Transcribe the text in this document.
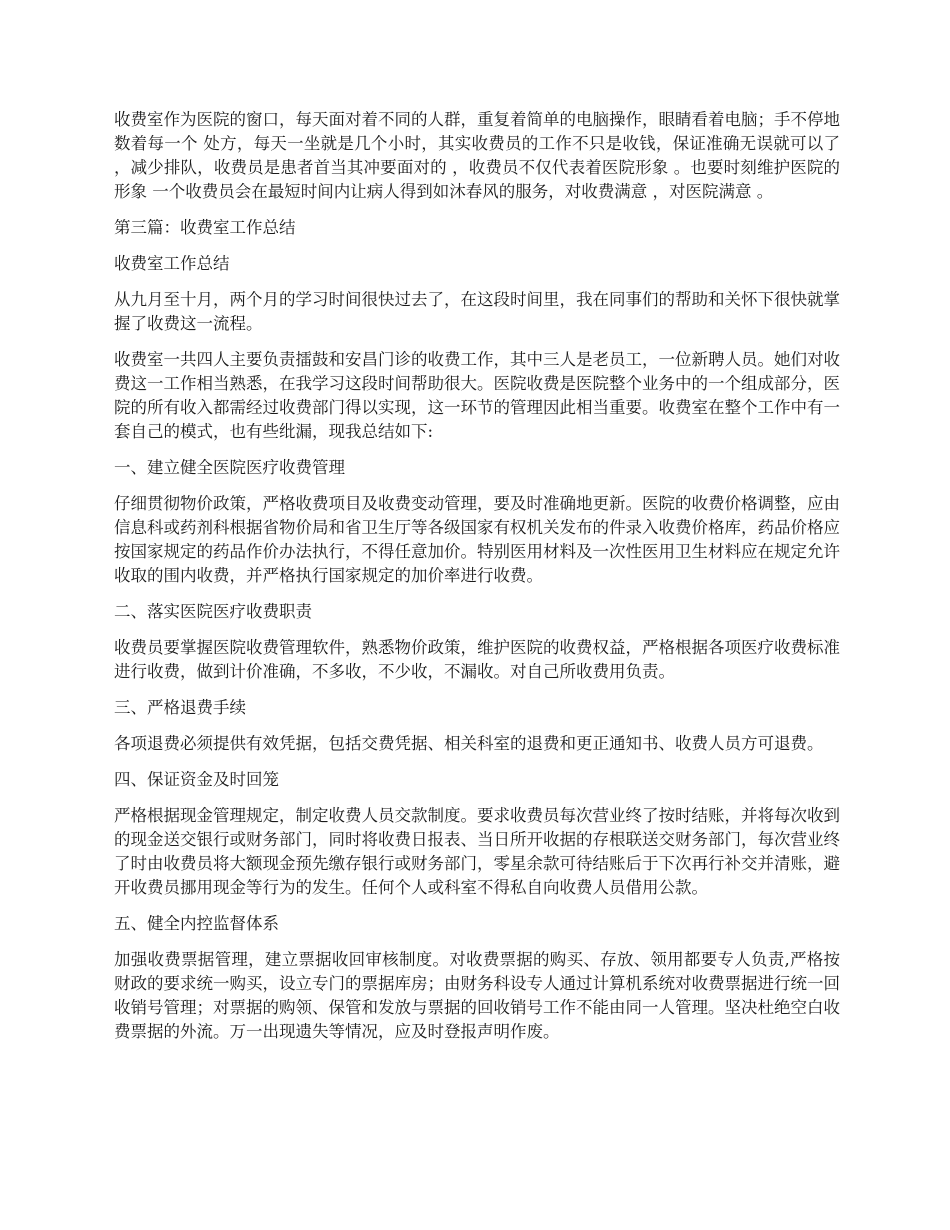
收费室作为医院的窗口，每天面对着不同的人群，重复着简单的电脑操作，眼睛看着电脑；手不停地数着每一个 处方，每天一坐就是几个小时，其实收费员的工作不只是收钱，保证准确无误就可以了 ，减少排队，收费员是患者首当其冲要面对的 ，收费员不仅代表着医院形象 。也要时刻维护医院的形象 一个收费员会在最短时间内让病人得到如沐春风的服务，对收费满意 ，对医院满意 。

第三篇：收费室工作总结

收费室工作总结

从九月至十月，两个月的学习时间很快过去了，在这段时间里，我在同事们的帮助和关怀下很快就掌握了收费这一流程。

收费室一共四人主要负责擂鼓和安昌门诊的收费工作，其中三人是老员工，一位新聘人员。她们对收费这一工作相当熟悉，在我学习这段时间帮助很大。医院收费是医院整个业务中的一个组成部分，医院的所有收入都需经过收费部门得以实现，这一环节的管理因此相当重要。收费室在整个工作中有一套自己的模式，也有些纰漏，现我总结如下:

一、建立健全医院医疗收费管理

仔细贯彻物价政策，严格收费项目及收费变动管理，要及时准确地更新。医院的收费价格调整，应由信息科或药剂科根据省物价局和省卫生厅等各级国家有权机关发布的件录入收费价格库，药品价格应按国家规定的药品作价办法执行，不得任意加价。特别医用材料及一次性医用卫生材料应在规定允许收取的围内收费，并严格执行国家规定的加价率进行收费。

二、落实医院医疗收费职责

收费员要掌握医院收费管理软件，熟悉物价政策，维护医院的收费权益，严格根据各项医疗收费标准进行收费，做到计价准确，不多收，不少收，不漏收。对自己所收费用负责。

三、严格退费手续

各项退费必须提供有效凭据，包括交费凭据、相关科室的退费和更正通知书、收费人员方可退费。

四、保证资金及时回笼

严格根据现金管理规定，制定收费人员交款制度。要求收费员每次营业终了按时结账，并将每次收到的现金送交银行或财务部门，同时将收费日报表、当日所开收据的存根联送交财务部门，每次营业终了时由收费员将大额现金预先缴存银行或财务部门，零星余款可待结账后于下次再行补交并清账，避开收费员挪用现金等行为的发生。任何个人或科室不得私自向收费人员借用公款。

五、健全内控监督体系

加强收费票据管理，建立票据收回审核制度。对收费票据的购买、存放、领用都要专人负责,严格按财政的要求统一购买，设立专门的票据库房；由财务科设专人通过计算机系统对收费票据进行统一回收销号管理；对票据的购领、保管和发放与票据的回收销号工作不能由同一人管理。坚决杜绝空白收费票据的外流。万一出现遗失等情况，应及时登报声明作废。
